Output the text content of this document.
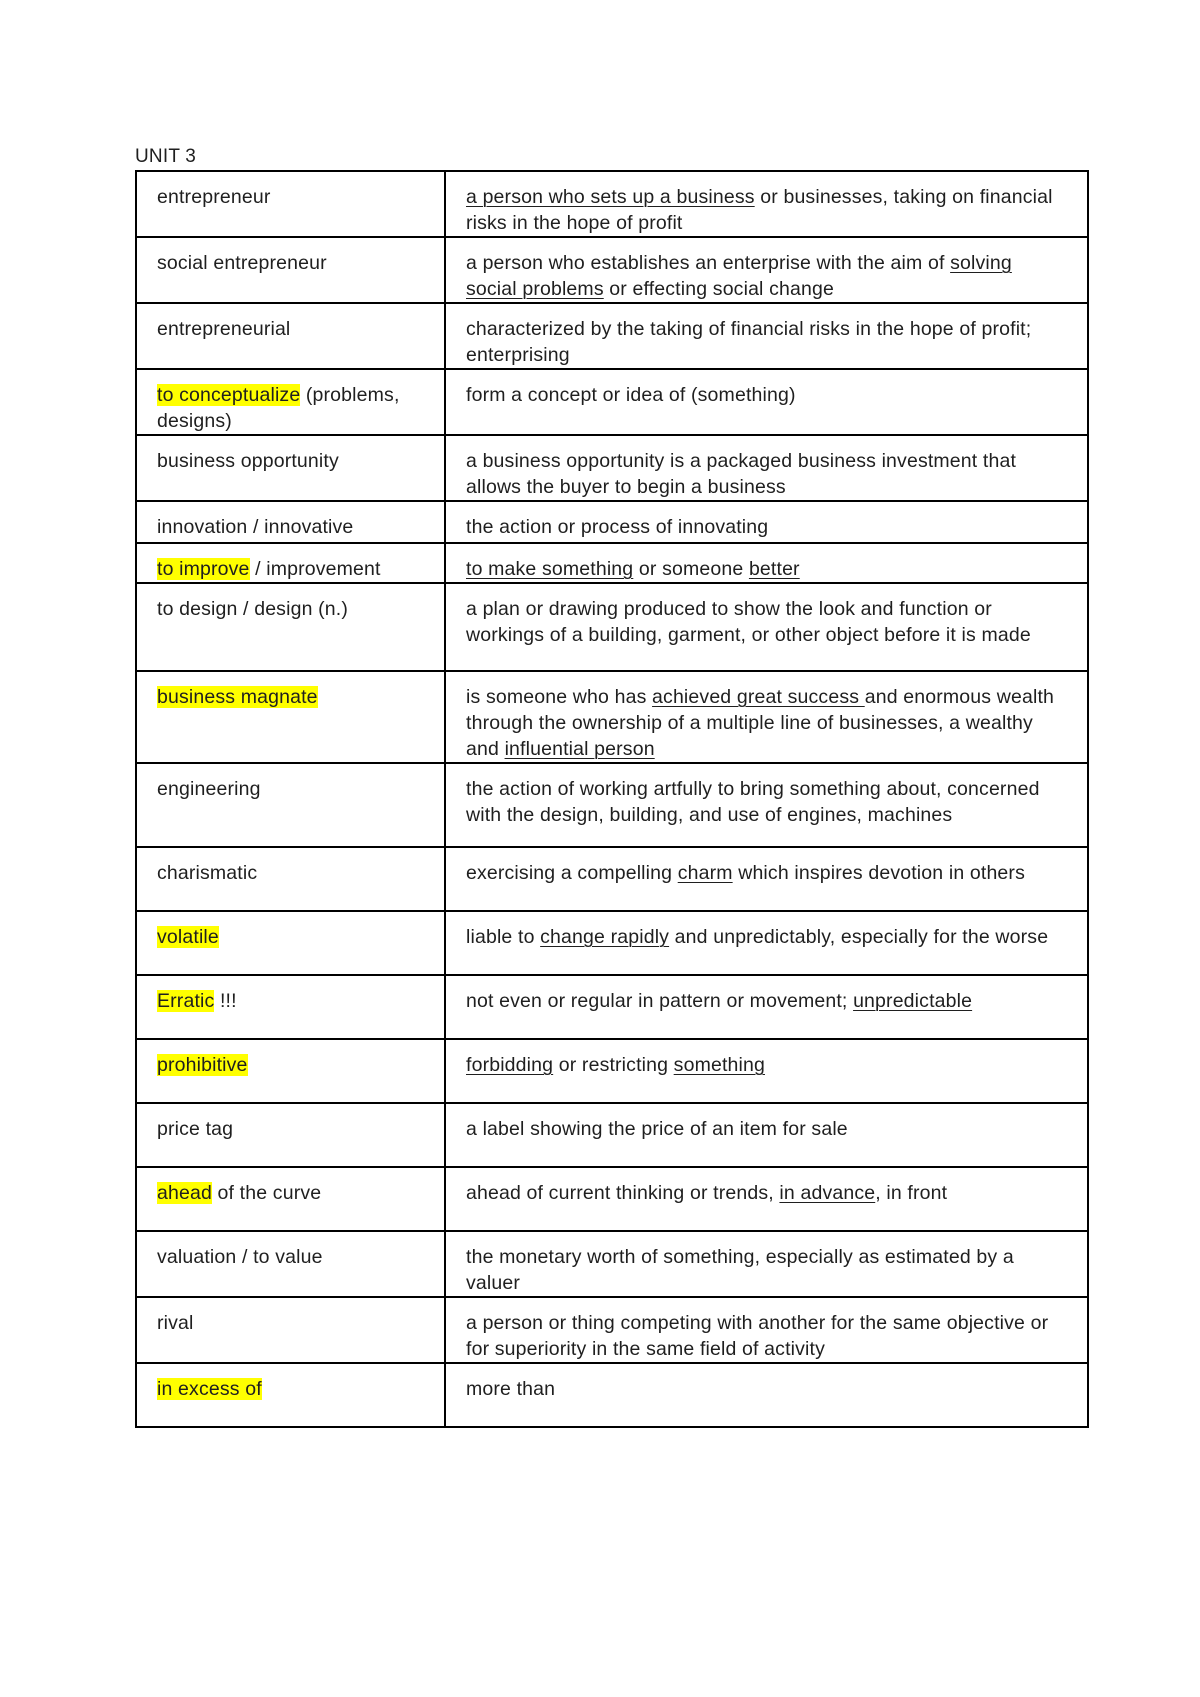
UNIT 3
entrepreneur	a person who sets up a business or businesses, taking on financial risks in the hope of profit
social entrepreneur	a person who establishes an enterprise with the aim of solving social problems or effecting social change
entrepreneurial	characterized by the taking of financial risks in the hope of profit; enterprising
to conceptualize (problems, designs)	form a concept or idea of (something)
business opportunity	a business opportunity is a packaged business investment that allows the buyer to begin a business
innovation / innovative	the action or process of innovating
to improve / improvement	to make something or someone better
to design / design (n.)	a plan or drawing produced to show the look and function or workings of a building, garment, or other object before it is made
business magnate	is someone who has achieved great success and enormous wealth through the ownership of a multiple line of businesses, a wealthy and influential person
engineering	the action of working artfully to bring something about, concerned with the design, building, and use of engines, machines
charismatic	exercising a compelling charm which inspires devotion in others
volatile	liable to change rapidly and unpredictably, especially for the worse
Erratic !!!	not even or regular in pattern or movement; unpredictable
prohibitive	forbidding or restricting something
price tag	a label showing the price of an item for sale
ahead of the curve	ahead of current thinking or trends, in advance, in front
valuation / to value	the monetary worth of something, especially as estimated by a valuer
rival	a person or thing competing with another for the same objective or for superiority in the same field of activity
in excess of	more than
